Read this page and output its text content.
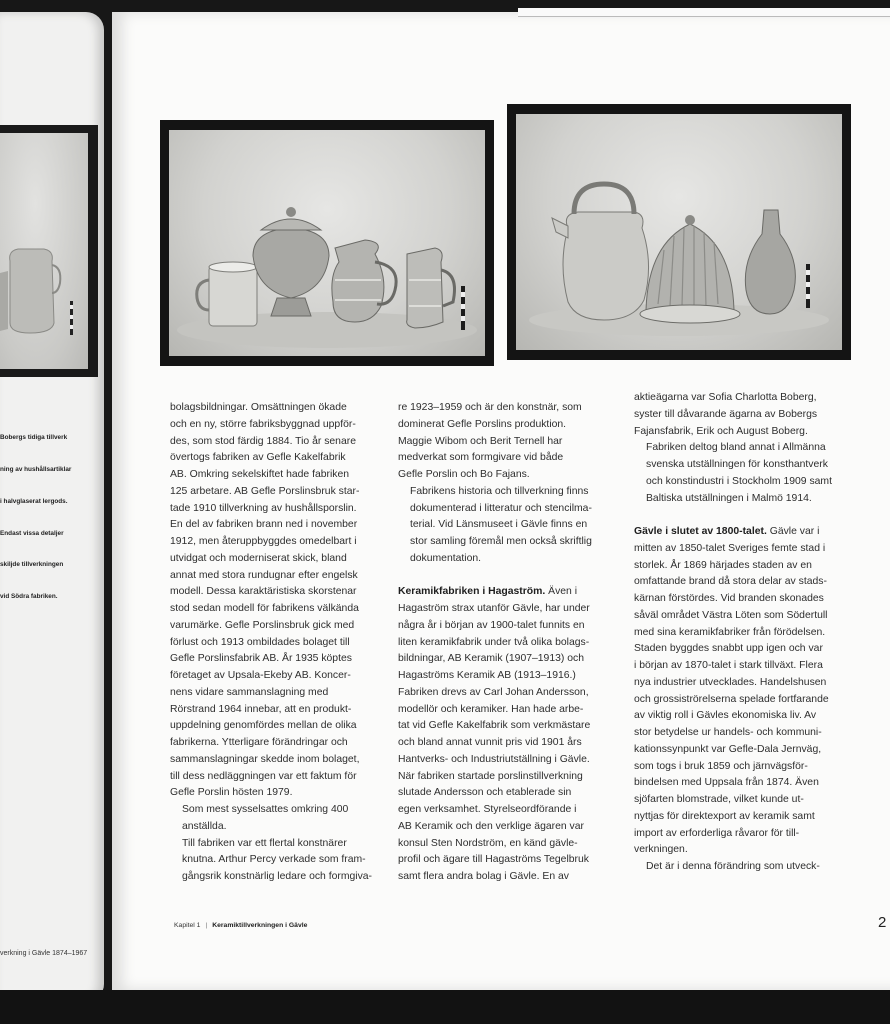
Bobergs tidiga tillverk

ning av hushållsartiklar

i halvglaserat lergods.

Endast vissa detaljer

skiljde tillverkningen

vid Södra fabriken.

verkning i Gävle 1874–1967

bolagsbildningar. Omsättningen ökade
och en ny, större fabriksbyggnad uppför-
des, som stod färdig 1884. Tio år senare
övertogs fabriken av Gefle Kakelfabrik
AB. Omkring sekelskiftet hade fabriken
125 arbetare. AB Gefle Porslinsbruk star-
tade 1910 tillverkning av hushållsporslin.
En del av fabriken brann ned i november
1912, men återuppbyggdes omedelbart i
utvidgat och moderniserat skick, bland
annat med stora rundugnar efter engelsk
modell. Dessa karaktäristiska skorstenar
stod sedan modell för fabrikens välkända
varumärke. Gefle Porslinsbruk gick med
förlust och 1913 ombildades bolaget till
Gefle Porslinsfabrik AB. År 1935 köptes
företaget av Upsala-Ekeby AB. Koncer-
nens vidare sammanslagning med
Rörstrand 1964 innebar, att en produkt-
uppdelning genomfördes mellan de olika
fabrikerna. Ytterligare förändringar och
sammanslagningar skedde inom bolaget,
till dess nedläggningen var ett faktum för
Gefle Porslin hösten 1979.

Som mest sysselsattes omkring 400
anställda.

Till fabriken var ett flertal konstnärer
knutna. Arthur Percy verkade som fram-
gångsrik konstnärlig ledare och formgiva-

re 1923–1959 och är den konstnär, som
dominerat Gefle Porslins produktion.
Maggie Wibom och Berit Ternell har
medverkat som formgivare vid både
Gefle Porslin och Bo Fajans.

Fabrikens historia och tillverkning finns
dokumenterad i litteratur och stencilma-
terial. Vid Länsmuseet i Gävle finns en
stor samling föremål men också skriftlig
dokumentation.

Keramikfabriken i Hagaström. Även i
Hagaström strax utanför Gävle, har under
några år i början av 1900-talet funnits en
liten keramikfabrik under två olika bolags-
bildningar, AB Keramik (1907–1913) och
Hagaströms Keramik AB (1913–1916.)
Fabriken drevs av Carl Johan Andersson,
modellör och keramiker. Han hade arbe-
tat vid Gefle Kakelfabrik som verkmästare
och bland annat vunnit pris vid 1901 års
Hantverks- och Industriutställning i Gävle.
När fabriken startade porslinstillverkning
slutade Andersson och etablerade sin
egen verksamhet. Styrelseordförande i
AB Keramik och den verklige ägaren var
konsul Sten Nordström, en känd gävle-
profil och ägare till Hagaströms Tegelbruk
samt flera andra bolag i Gävle. En av

aktieägarna var Sofia Charlotta Boberg,
syster till dåvarande ägarna av Bobergs
Fajansfabrik, Erik och August Boberg.

Fabriken deltog bland annat i Allmänna
svenska utställningen för konsthantverk
och konstindustri i Stockholm 1909 samt
Baltiska utställningen i Malmö 1914.

Gävle i slutet av 1800-talet. Gävle var i
mitten av 1850-talet Sveriges femte stad i
storlek. År 1869 härjades staden av en
omfattande brand då stora delar av stads-
kärnan förstördes. Vid branden skonades
såväl området Västra Löten som Södertull
med sina keramikfabriker från förödelsen.
Staden byggdes snabbt upp igen och var
i början av 1870-talet i stark tillväxt. Flera
nya industrier utvecklades. Handelshusen
och grossiströrelserna spelade fortfarande
av viktig roll i Gävles ekonomiska liv. Av
stor betydelse ur handels- och kommuni-
kationssynpunkt var Gefle-Dala Jernväg,
som togs i bruk 1859 och järnvägsför-
bindelsen med Uppsala från 1874. Även
sjöfarten blomstrade, vilket kunde ut-
nyttjas för direktexport av keramik samt
import av erforderliga råvaror för till-
verkningen.

Det är i denna förändring som utveck-

Kapitel 1 | Keramiktillverkningen i Gävle	2
